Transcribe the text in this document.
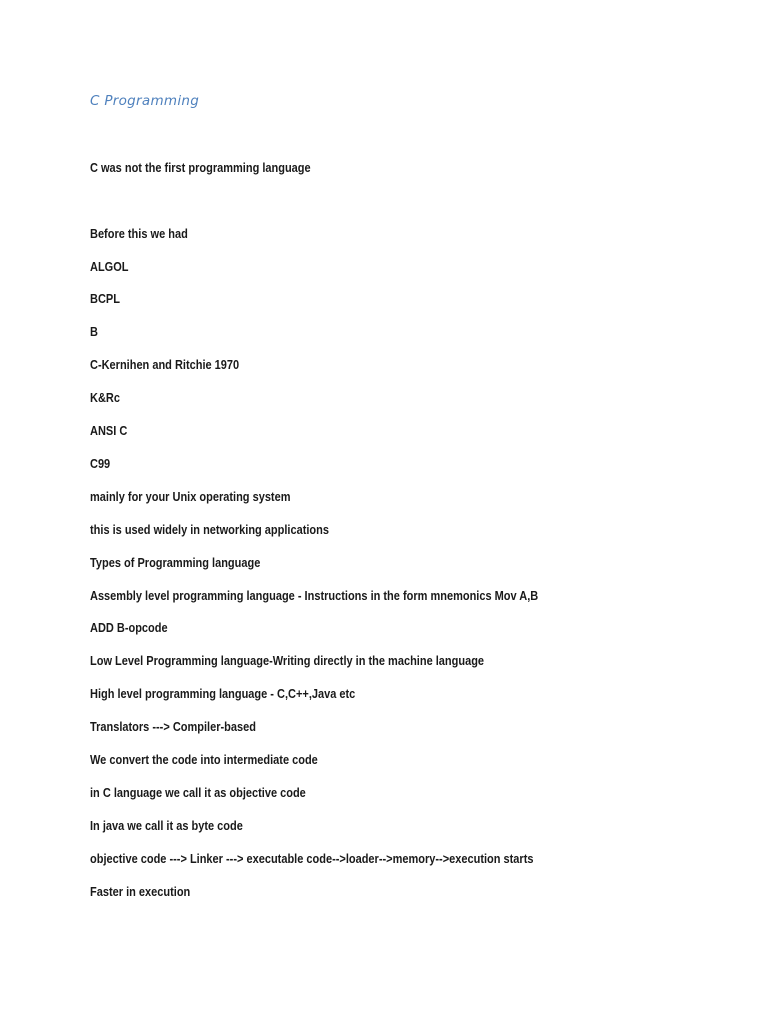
C Programming

C was not the first programming language

Before this we had

ALGOL

BCPL

B

C-Kernihen and Ritchie 1970

K&Rc

ANSI C

C99

mainly for your Unix operating system

this is used widely in networking applications

Types of Programming language

Assembly level programming language - Instructions in the form mnemonics Mov A,B

ADD B-opcode

Low Level Programming language-Writing directly in the machine language

High level programming language - C,C++,Java etc

Translators ---> Compiler-based

We convert the code into intermediate code

in C language we call it as objective code

In java we call it as byte code

objective code ---> Linker ---> executable code-->loader-->memory-->execution starts

Faster in execution
